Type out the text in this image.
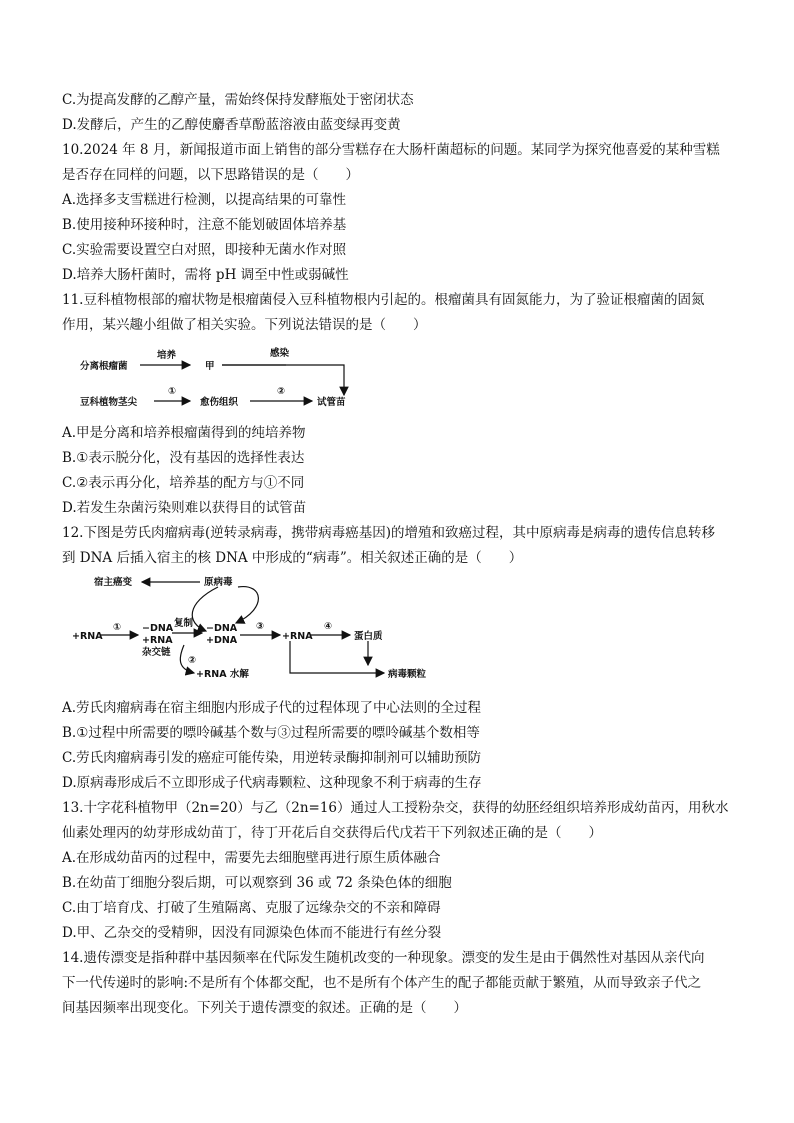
C.为提高发酵的乙醇产量，需始终保持发酵瓶处于密闭状态
D.发酵后，产生的乙醇使麝香草酚蓝溶液由蓝变绿再变黄
10.2024 年 8 月，新闻报道市面上销售的部分雪糕存在大肠杆菌超标的问题。某同学为探究他喜爱的某种雪糕
是否存在同样的问题，以下思路错误的是（　　）
A.选择多支雪糕进行检测，以提高结果的可靠性
B.使用接种环接种时，注意不能划破固体培养基
C.实验需要设置空白对照，即接种无菌水作对照
D.培养大肠杆菌时，需将 pH 调至中性或弱碱性
11.豆科植物根部的瘤状物是根瘤菌侵入豆科植物根内引起的。根瘤菌具有固氮能力，为了验证根瘤菌的固氮
作用，某兴趣小组做了相关实验。下列说法错误的是（　　）
分离根瘤菌
培养
甲
感染
豆科植物茎尖
①
愈伤组织
②
试管苗
A.甲是分离和培养根瘤菌得到的纯培养物
B.①表示脱分化，没有基因的选择性表达
C.②表示再分化，培养基的配方与①不同
D.若发生杂菌污染则难以获得目的试管苗
12.下图是劳氏肉瘤病毒(逆转录病毒，携带病毒癌基因)的增殖和致癌过程，其中原病毒是病毒的遗传信息转移
到 DNA 后插入宿主的核 DNA 中形成的“病毒”。相关叙述正确的是（　　）
宿主癌变	原病毒
+RNA
① −DNA
+RNA
杂交链
复制 −DNA
+DNA
③
+RNA
④
蛋白质
②
+RNA 水解	病毒颗粒
A.劳氏肉瘤病毒在宿主细胞内形成子代的过程体现了中心法则的全过程
B.①过程中所需要的嘌呤碱基个数与③过程所需要的嘌呤碱基个数相等
C.劳氏肉瘤病毒引发的癌症可能传染，用逆转录酶抑制剂可以辅助预防
D.原病毒形成后不立即形成子代病毒颗粒、这种现象不利于病毒的生存
13.十字花科植物甲（2n=20）与乙（2n=16）通过人工授粉杂交，获得的幼胚经组织培养形成幼苗丙，用秋水
仙素处理丙的幼芽形成幼苗丁，待丁开花后自交获得后代戊若干下列叙述正确的是（　　）
A.在形成幼苗丙的过程中，需要先去细胞壁再进行原生质体融合
B.在幼苗丁细胞分裂后期，可以观察到 36 或 72 条染色体的细胞
C.由丁培育戊、打破了生殖隔离、克服了远缘杂交的不亲和障碍
D.甲、乙杂交的受精卵，因没有同源染色体而不能进行有丝分裂
14.遗传漂变是指种群中基因频率在代际发生随机改变的一种现象。漂变的发生是由于偶然性对基因从亲代向
下一代传递时的影响:不是所有个体都交配，也不是所有个体产生的配子都能贡献于繁殖，从而导致亲子代之
间基因频率出现变化。下列关于遗传漂变的叙述。正确的是（　　）
